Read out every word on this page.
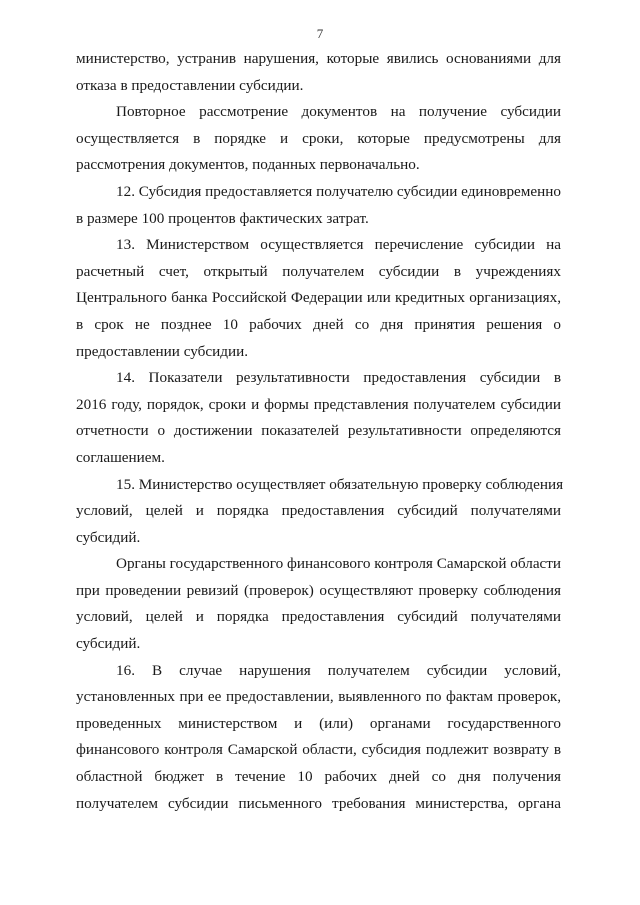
7
министерство, устранив нарушения, которые явились основаниями для
отказа в предоставлении субсидии.
Повторное рассмотрение документов на получение субсидии
осуществляется в порядке и сроки, которые предусмотрены для
рассмотрения документов, поданных первоначально.
12. Субсидия предоставляется получателю субсидии единовременно
в размере 100 процентов фактических затрат.
13. Министерством осуществляется перечисление субсидии на
расчетный счет, открытый получателем субсидии в учреждениях
Центрального банка Российской Федерации или кредитных организациях,
в срок не позднее 10 рабочих дней со дня принятия решения о
предоставлении субсидии.
14. Показатели результативности предоставления субсидии в
2016 году, порядок, сроки и формы представления получателем субсидии
отчетности о достижении показателей результативности определяются
соглашением.
15. Министерство осуществляет обязательную проверку соблюдения
условий, целей и порядка предоставления субсидий получателями
субсидий.
Органы государственного финансового контроля Самарской области
при проведении ревизий (проверок) осуществляют проверку соблюдения
условий, целей и порядка предоставления субсидий получателями
субсидий.
16. В случае нарушения получателем субсидии условий,
установленных при ее предоставлении, выявленного по фактам проверок,
проведенных министерством и (или) органами государственного
финансового контроля Самарской области, субсидия подлежит возврату в
областной бюджет в течение 10 рабочих дней со дня получения
получателем субсидии письменного требования министерства, органа
